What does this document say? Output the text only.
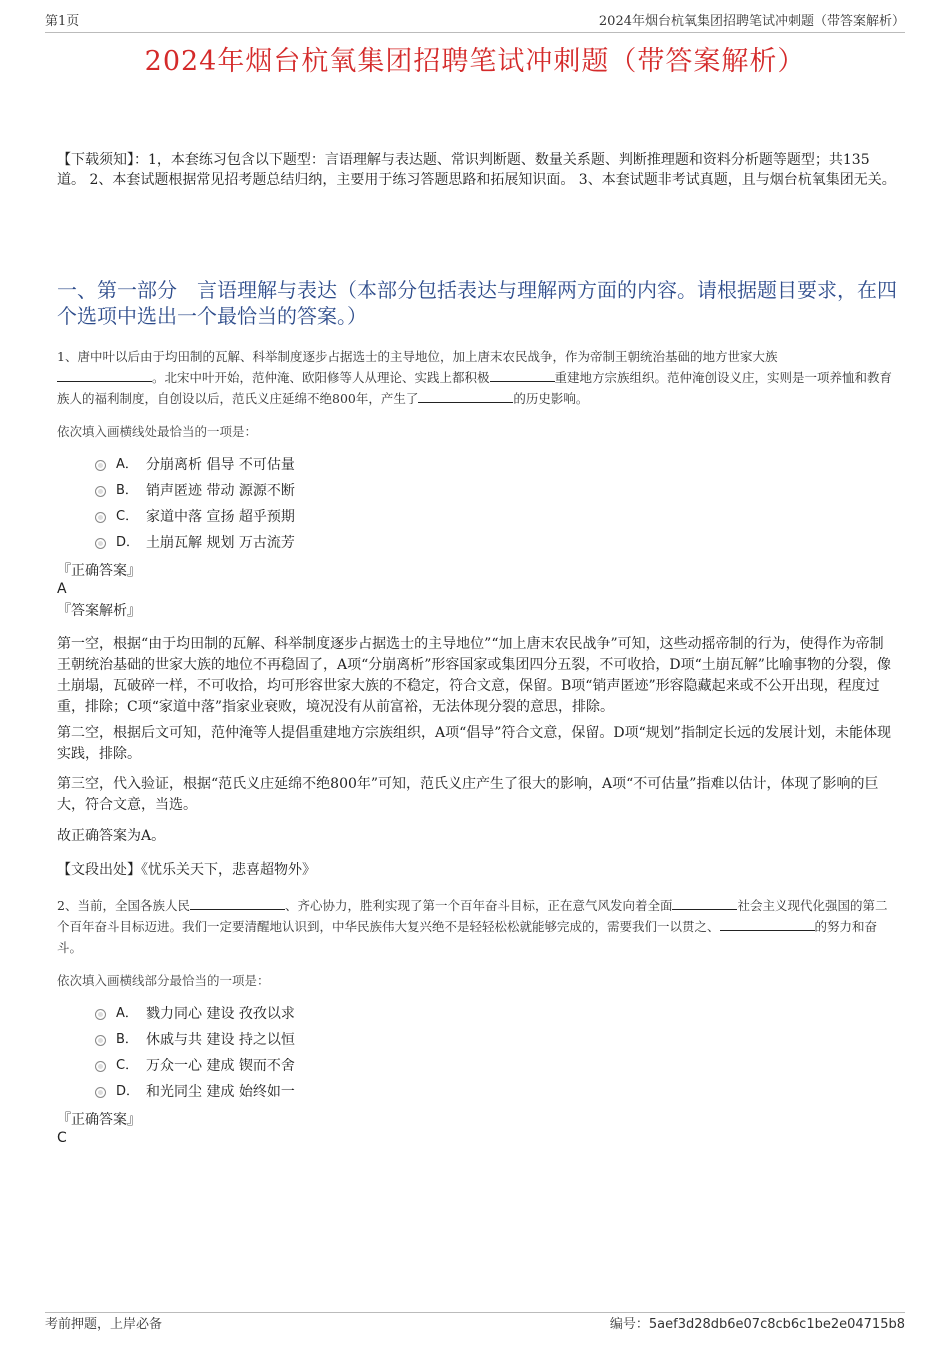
第1页	2024年烟台杭氧集团招聘笔试冲刺题（带答案解析）
2024年烟台杭氧集团招聘笔试冲刺题（带答案解析）
【下载须知】：1，本套练习包含以下题型：言语理解与表达题、常识判断题、数量关系题、判断推理题和资料分析题等题型；共135道。 2、本套试题根据常见招考题总结归纳，主要用于练习答题思路和拓展知识面。 3、本套试题非考试真题，且与烟台杭氧集团无关。
一、第一部分　言语理解与表达（本部分包括表达与理解两方面的内容。请根据题目要求，在四个选项中选出一个最恰当的答案。）
1、唐中叶以后由于均田制的瓦解、科举制度逐步占据选士的主导地位，加上唐末农民战争，作为帝制王朝统治基础的地方世家大族
。北宋中叶开始，范仲淹、欧阳修等人从理论、实践上都积极	重建地方宗族组织。范仲淹创设义庄，实则是一项养恤和教育族人的福利制度，自创设以后，范氏义庄延绵不绝800年，产生了	的历史影响。
依次填入画横线处最恰当的一项是：
A． 分崩离析 倡导 不可估量
B． 销声匿迹 带动 源源不断
C． 家道中落 宣扬 超乎预期
D． 土崩瓦解 规划 万古流芳
『正确答案』
A
『答案解析』

第一空，根据“由于均田制的瓦解、科举制度逐步占据选士的主导地位”“加上唐末农民战争”可知，这些动摇帝制的行为，使得作为帝制王朝统治基础的世家大族的地位不再稳固了，A项“分崩离析”形容国家或集团四分五裂，不可收拾，D项“土崩瓦解”比喻事物的分裂，像土崩塌，瓦破碎一样，不可收拾，均可形容世家大族的不稳定，符合文意，保留。B项“销声匿迹”形容隐藏起来或不公开出现，程度过重，排除；C项“家道中落”指家业衰败，境况没有从前富裕，无法体现分裂的意思，排除。

第二空，根据后文可知，范仲淹等人提倡重建地方宗族组织，A项“倡导”符合文意，保留。D项“规划”指制定长远的发展计划，未能体现实践，排除。

第三空，代入验证，根据“范氏义庄延绵不绝800年”可知，范氏义庄产生了很大的影响，A项“不可估量”指难以估计，体现了影响的巨大，符合文意，当选。

故正确答案为A。

【文段出处】《忧乐关天下，悲喜超物外》

2、当前，全国各族人民	、齐心协力，胜利实现了第一个百年奋斗目标，正在意气风发向着全面	社会主义现代化强国的第二个百年奋斗目标迈进。我们一定要清醒地认识到，中华民族伟大复兴绝不是轻轻松松就能够完成的，需要我们一以贯之、	的努力和奋斗。
依次填入画横线部分最恰当的一项是：
A． 戮力同心 建设 孜孜以求
B． 休戚与共 建设 持之以恒
C． 万众一心 建成 锲而不舍
D． 和光同尘 建成 始终如一
『正确答案』
C
考前押题，上岸必备	编号：5aef3d28db6e07c8cb6c1be2e04715b8
